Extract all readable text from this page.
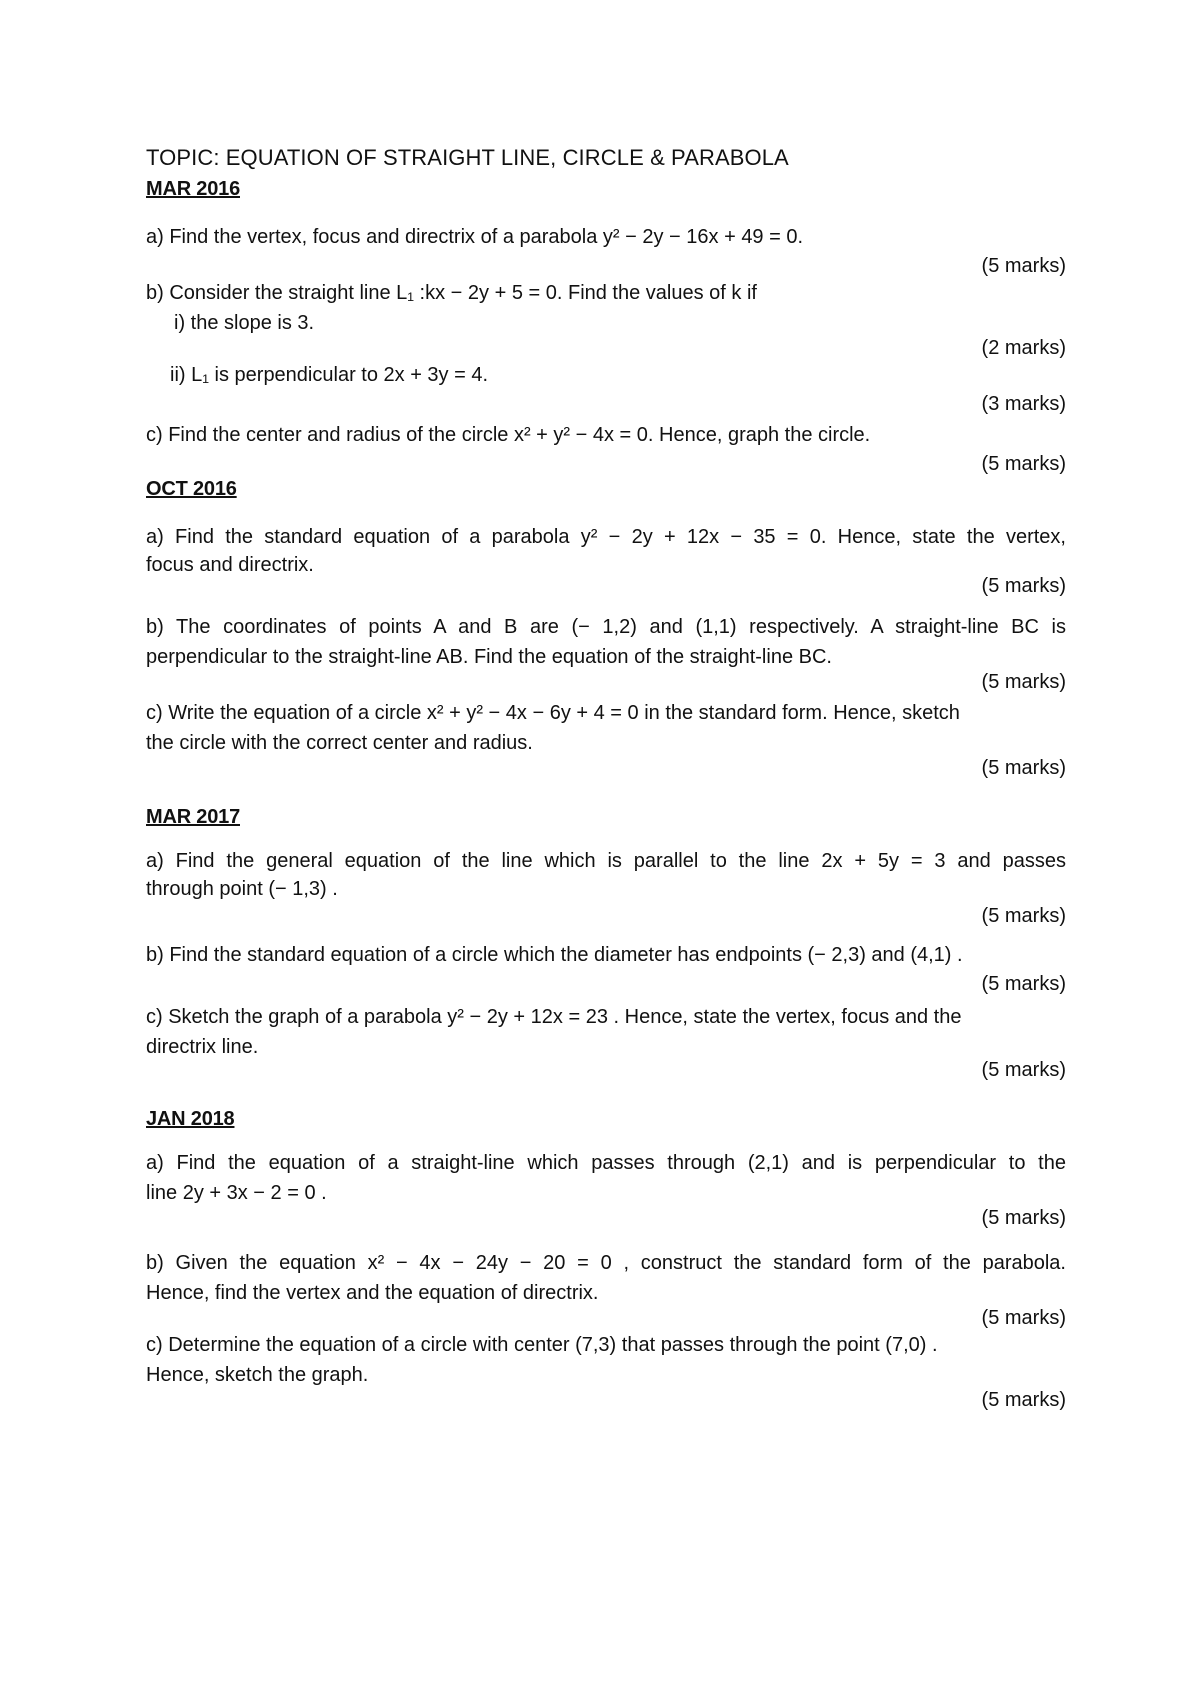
TOPIC: EQUATION OF STRAIGHT LINE, CIRCLE & PARABOLA
MAR 2016
a) Find the vertex, focus and directrix of a parabola y² − 2y − 16x + 49 = 0.
(5 marks)
b) Consider the straight line L₁ :kx − 2y + 5 = 0. Find the values of k if
i) the slope is 3.
(2 marks)
ii) L₁ is perpendicular to 2x + 3y = 4.
(3 marks)
c) Find the center and radius of the circle x² + y² − 4x = 0. Hence, graph the circle.
(5 marks)
OCT 2016
a) Find the standard equation of a parabola y² − 2y + 12x − 35 = 0. Hence, state the vertex,
focus and directrix.
(5 marks)
b) The coordinates of points A and B are (− 1,2) and (1,1) respectively. A straight-line BC is
perpendicular to the straight-line AB. Find the equation of the straight-line BC.
(5 marks)
c) Write the equation of a circle x² + y² − 4x − 6y + 4 = 0 in the standard form. Hence, sketch
the circle with the correct center and radius.
(5 marks)
MAR 2017
a) Find the general equation of the line which is parallel to the line 2x + 5y = 3 and passes
through point (− 1,3) .
(5 marks)
b) Find the standard equation of a circle which the diameter has endpoints (− 2,3) and (4,1) .
(5 marks)
c) Sketch the graph of a parabola y² − 2y + 12x = 23 . Hence, state the vertex, focus and the
directrix line.
(5 marks)
JAN 2018
a) Find the equation of a straight-line which passes through (2,1) and is perpendicular to the
line 2y + 3x − 2 = 0 .
(5 marks)
b) Given the equation x² − 4x − 24y − 20 = 0 , construct the standard form of the parabola.
Hence, find the vertex and the equation of directrix.
(5 marks)
c) Determine the equation of a circle with center (7,3) that passes through the point (7,0) .
Hence, sketch the graph.
(5 marks)
